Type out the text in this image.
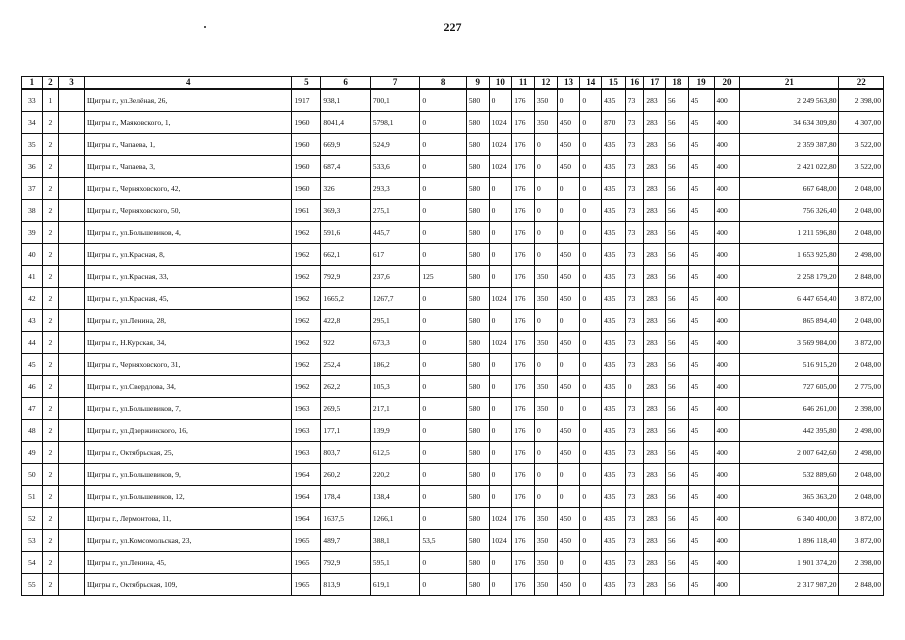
227
1	2	3	4	5	6	7	8	9	10	11	12	13	14	15	16	17	18	19	20	21	22
33	1		Щигры г., ул.Зелёная, 26,	1917	938,1	700,1	0	580	0	176	350	0	0	435	73	283	56	45	400	2 249 563,80	2 398,00
34	2		Щигры г., Маяковского, 1,	1960	8041,4	5798,1	0	580	1024	176	350	450	0	870	73	283	56	45	400	34 634 309,80	4 307,00
35	2		Щигры г., Чапаева, 1,	1960	669,9	524,9	0	580	1024	176	0	450	0	435	73	283	56	45	400	2 359 387,80	3 522,00
36	2		Щигры г., Чапаева, 3,	1960	687,4	533,6	0	580	1024	176	0	450	0	435	73	283	56	45	400	2 421 022,80	3 522,00
37	2		Щигры г., Черняховского, 42,	1960	326	293,3	0	580	0	176	0	0	0	435	73	283	56	45	400	667 648,00	2 048,00
38	2		Щигры г., Черняховского, 50,	1961	369,3	275,1	0	580	0	176	0	0	0	435	73	283	56	45	400	756 326,40	2 048,00
39	2		Щигры г., ул.Большевиков, 4,	1962	591,6	445,7	0	580	0	176	0	0	0	435	73	283	56	45	400	1 211 596,80	2 048,00
40	2		Щигры г., ул.Красная, 8,	1962	662,1	617	0	580	0	176	0	450	0	435	73	283	56	45	400	1 653 925,80	2 498,00
41	2		Щигры г., ул.Красная, 33,	1962	792,9	237,6	125	580	0	176	350	450	0	435	73	283	56	45	400	2 258 179,20	2 848,00
42	2		Щигры г., ул.Красная, 45,	1962	1665,2	1267,7	0	580	1024	176	350	450	0	435	73	283	56	45	400	6 447 654,40	3 872,00
43	2		Щигры г., ул.Ленина, 28,	1962	422,8	295,1	0	580	0	176	0	0	0	435	73	283	56	45	400	865 894,40	2 048,00
44	2		Щигры г., Н.Курская, 34,	1962	922	673,3	0	580	1024	176	350	450	0	435	73	283	56	45	400	3 569 984,00	3 872,00
45	2		Щигры г., Черняховского, 31,	1962	252,4	186,2	0	580	0	176	0	0	0	435	73	283	56	45	400	516 915,20	2 048,00
46	2		Щигры г., ул.Свердлова, 34,	1962	262,2	105,3	0	580	0	176	350	450	0	435	0	283	56	45	400	727 605,00	2 775,00
47	2		Щигры г., ул.Большевиков, 7,	1963	269,5	217,1	0	580	0	176	350	0	0	435	73	283	56	45	400	646 261,00	2 398,00
48	2		Щигры г., ул.Дзержинского, 16,	1963	177,1	139,9	0	580	0	176	0	450	0	435	73	283	56	45	400	442 395,80	2 498,00
49	2		Щигры г., Октябрьская, 25,	1963	803,7	612,5	0	580	0	176	0	450	0	435	73	283	56	45	400	2 007 642,60	2 498,00
50	2		Щигры г., ул.Большевиков, 9,	1964	260,2	220,2	0	580	0	176	0	0	0	435	73	283	56	45	400	532 889,60	2 048,00
51	2		Щигры г., ул.Большевиков, 12,	1964	178,4	138,4	0	580	0	176	0	0	0	435	73	283	56	45	400	365 363,20	2 048,00
52	2		Щигры г., Лермонтова, 11,	1964	1637,5	1266,1	0	580	1024	176	350	450	0	435	73	283	56	45	400	6 340 400,00	3 872,00
53	2		Щигры г., ул.Комсомольская, 23,	1965	489,7	388,1	53,5	580	1024	176	350	450	0	435	73	283	56	45	400	1 896 118,40	3 872,00
54	2		Щигры г., ул.Ленина, 45,	1965	792,9	595,1	0	580	0	176	350	0	0	435	73	283	56	45	400	1 901 374,20	2 398,00
55	2		Щигры г., Октябрьская, 109,	1965	813,9	619,1	0	580	0	176	350	450	0	435	73	283	56	45	400	2 317 987,20	2 848,00
